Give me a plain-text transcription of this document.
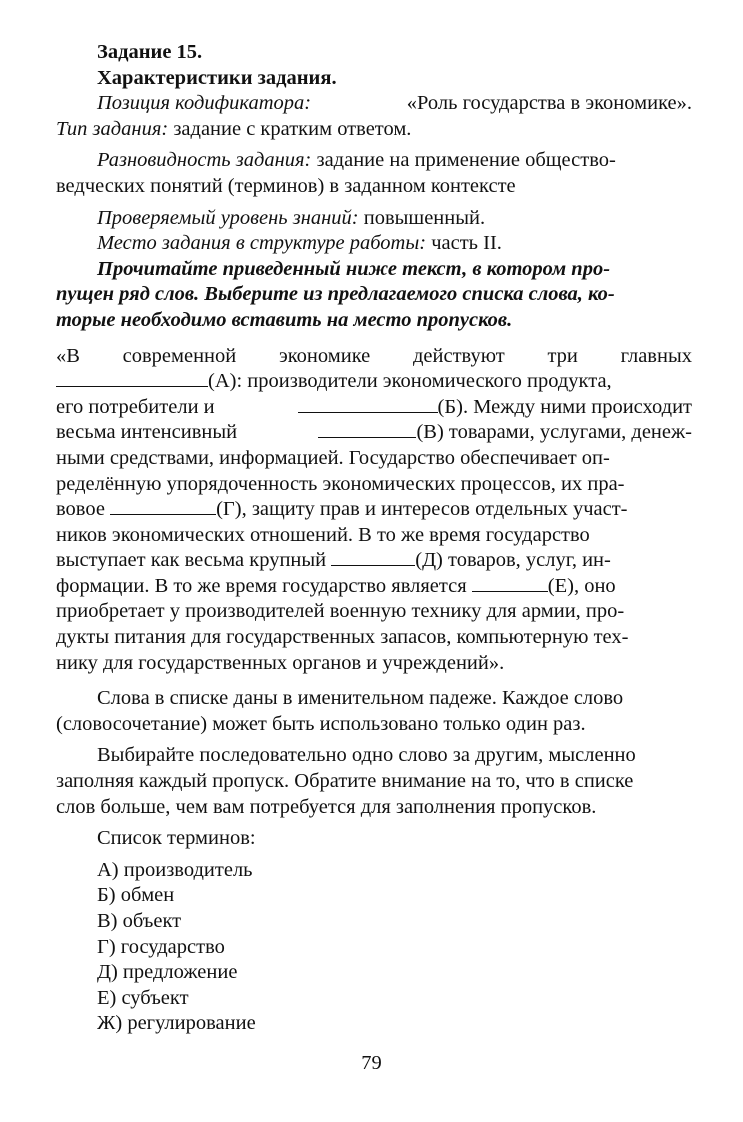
Задание 15.
Характеристики задания.
Позиция кодификатора:	«Роль государства в экономике».
Тип задания: задание с кратким ответом.
Разновидность задания: задание на применение общество-
ведческих понятий (терминов) в заданном контексте
Проверяемый уровень знаний: повышенный.
Место задания в структуре работы: часть II.
Прочитайте приведенный ниже текст, в котором про-
пущен ряд слов. Выберите из предлагаемого списка слова, ко-
торые необходимо вставить на место пропусков.
«В современной экономике действуют три главных
(А): производители экономического продукта,
его потребители и	(Б). Между ними происходит
весьма интенсивный	(В) товарами, услугами, денеж-
ными средствами, информацией. Государство обеспечивает оп-
ределённую упорядоченность экономических процессов, их пра-
вовое	(Г), защиту прав и интересов отдельных участ-
ников экономических отношений. В то же время государство
выступает как весьма крупный	(Д) товаров, услуг, ин-
формации. В то же время государство является	(Е), оно
приобретает у производителей военную технику для армии, про-
дукты питания для государственных запасов, компьютерную тех-
нику для государственных органов и учреждений».
Слова в списке даны в именительном падеже. Каждое слово
(словосочетание) может быть использовано только один раз.
Выбирайте последовательно одно слово за другим, мысленно
заполняя каждый пропуск. Обратите внимание на то, что в списке
слов больше, чем вам потребуется для заполнения пропусков.
Список терминов:
А) производитель
Б) обмен
В) объект
Г) государство
Д) предложение
Е) субъект
Ж) регулирование
79
